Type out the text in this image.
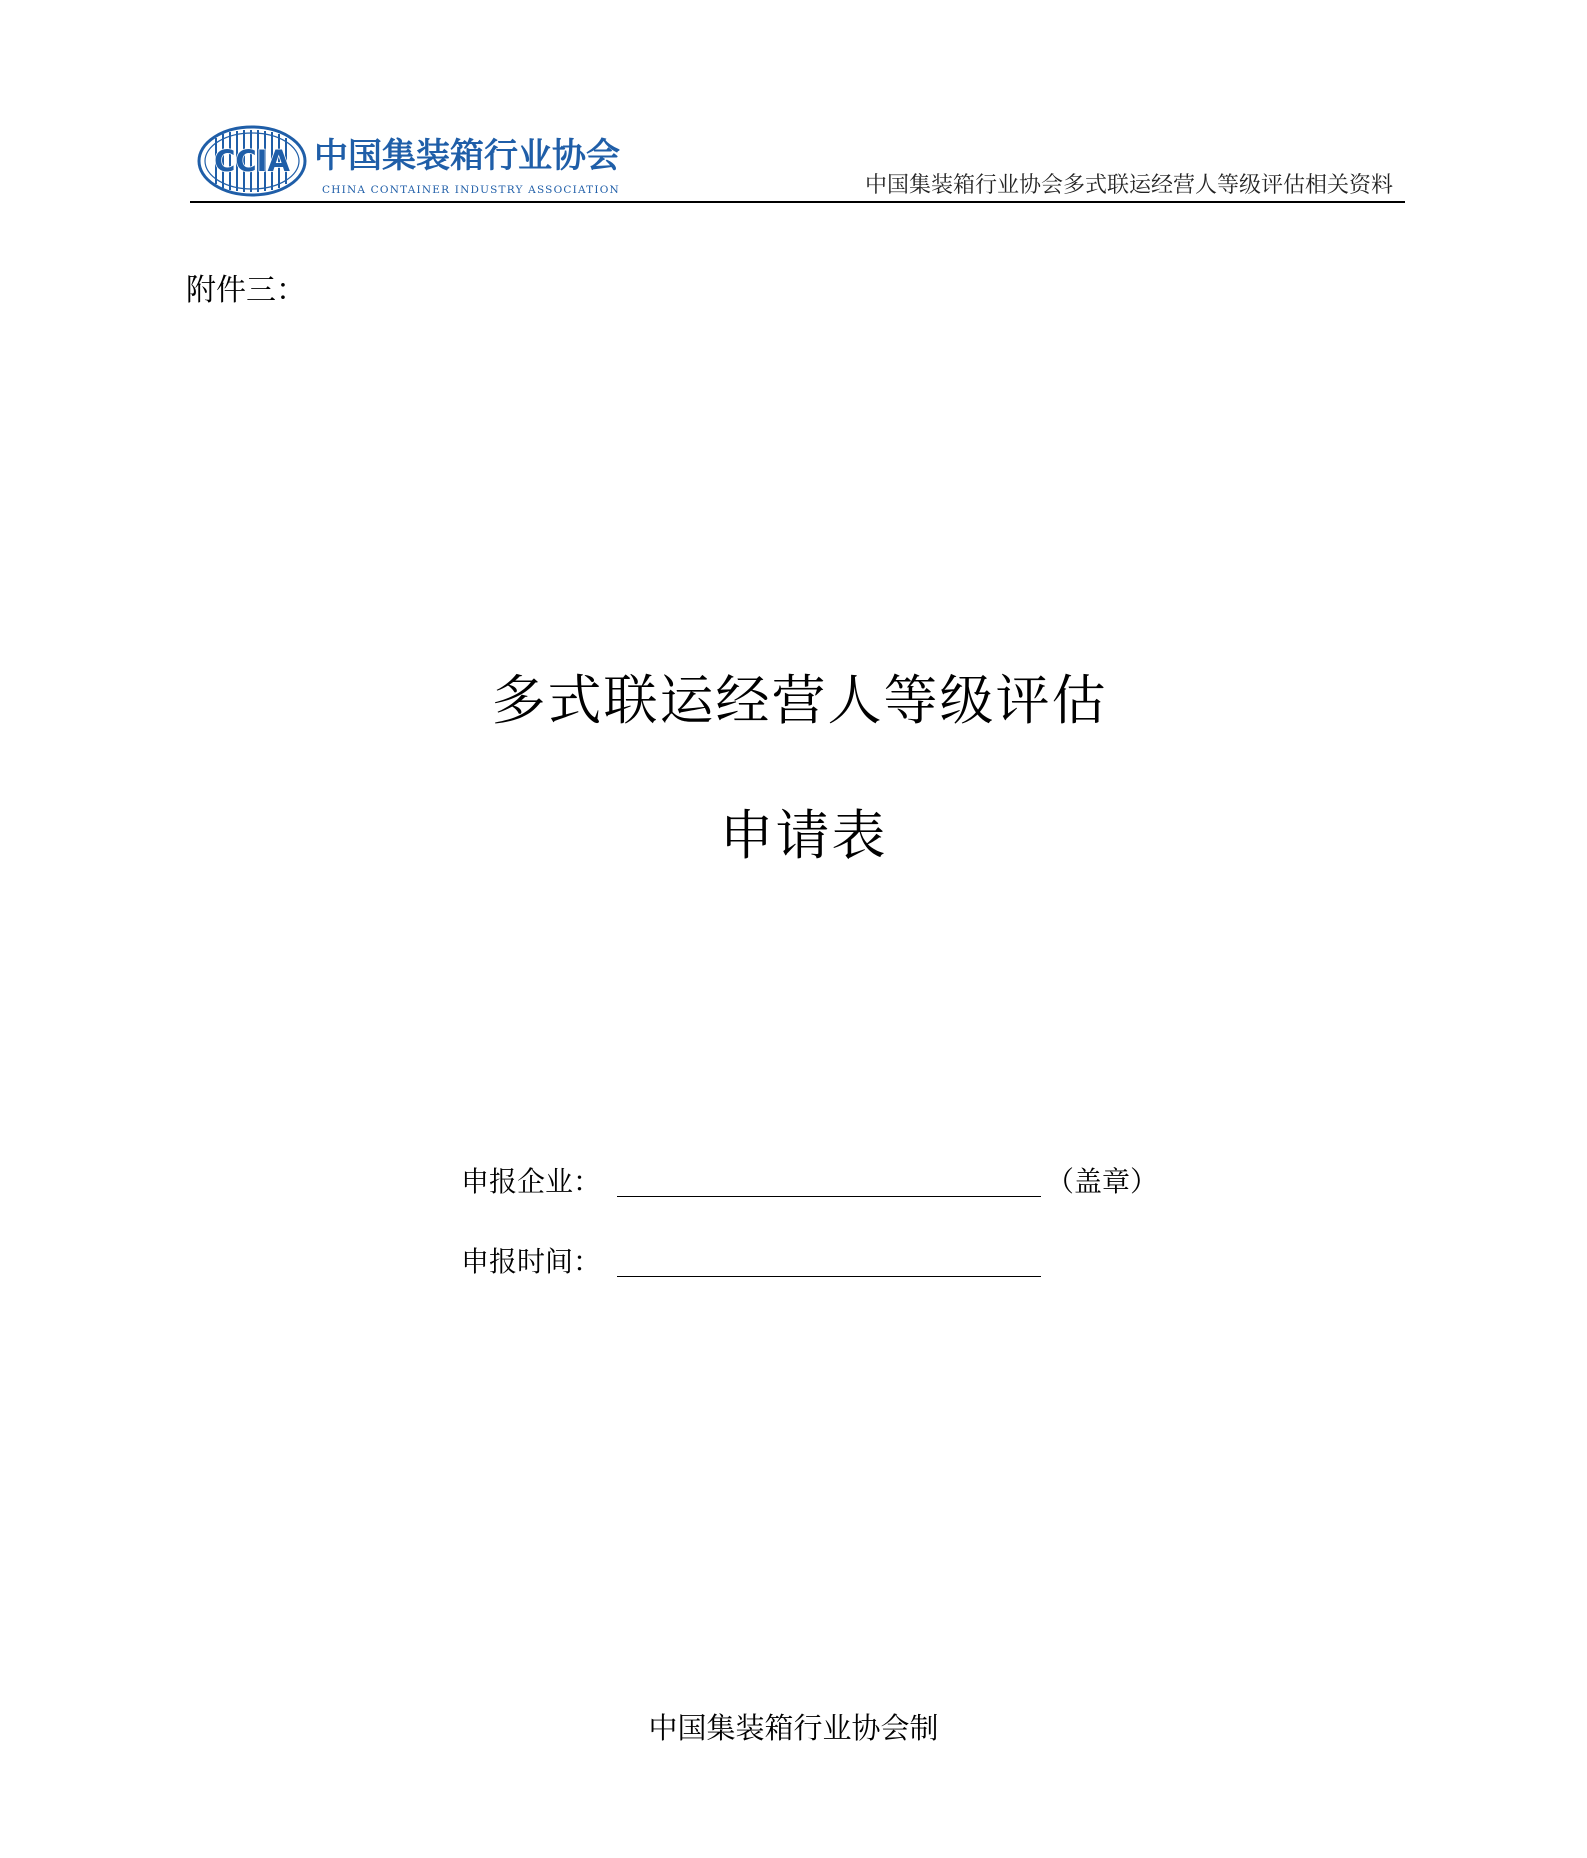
CCIA 中国集装箱行业协会
CHINA CONTAINER INDUSTRY ASSOCIATION	中国集装箱行业协会多式联运经营人等级评估相关资料
附件三：
多式联运经营人等级评估
申请表
申报企业：	（盖章）
申报时间：
中国集装箱行业协会制
